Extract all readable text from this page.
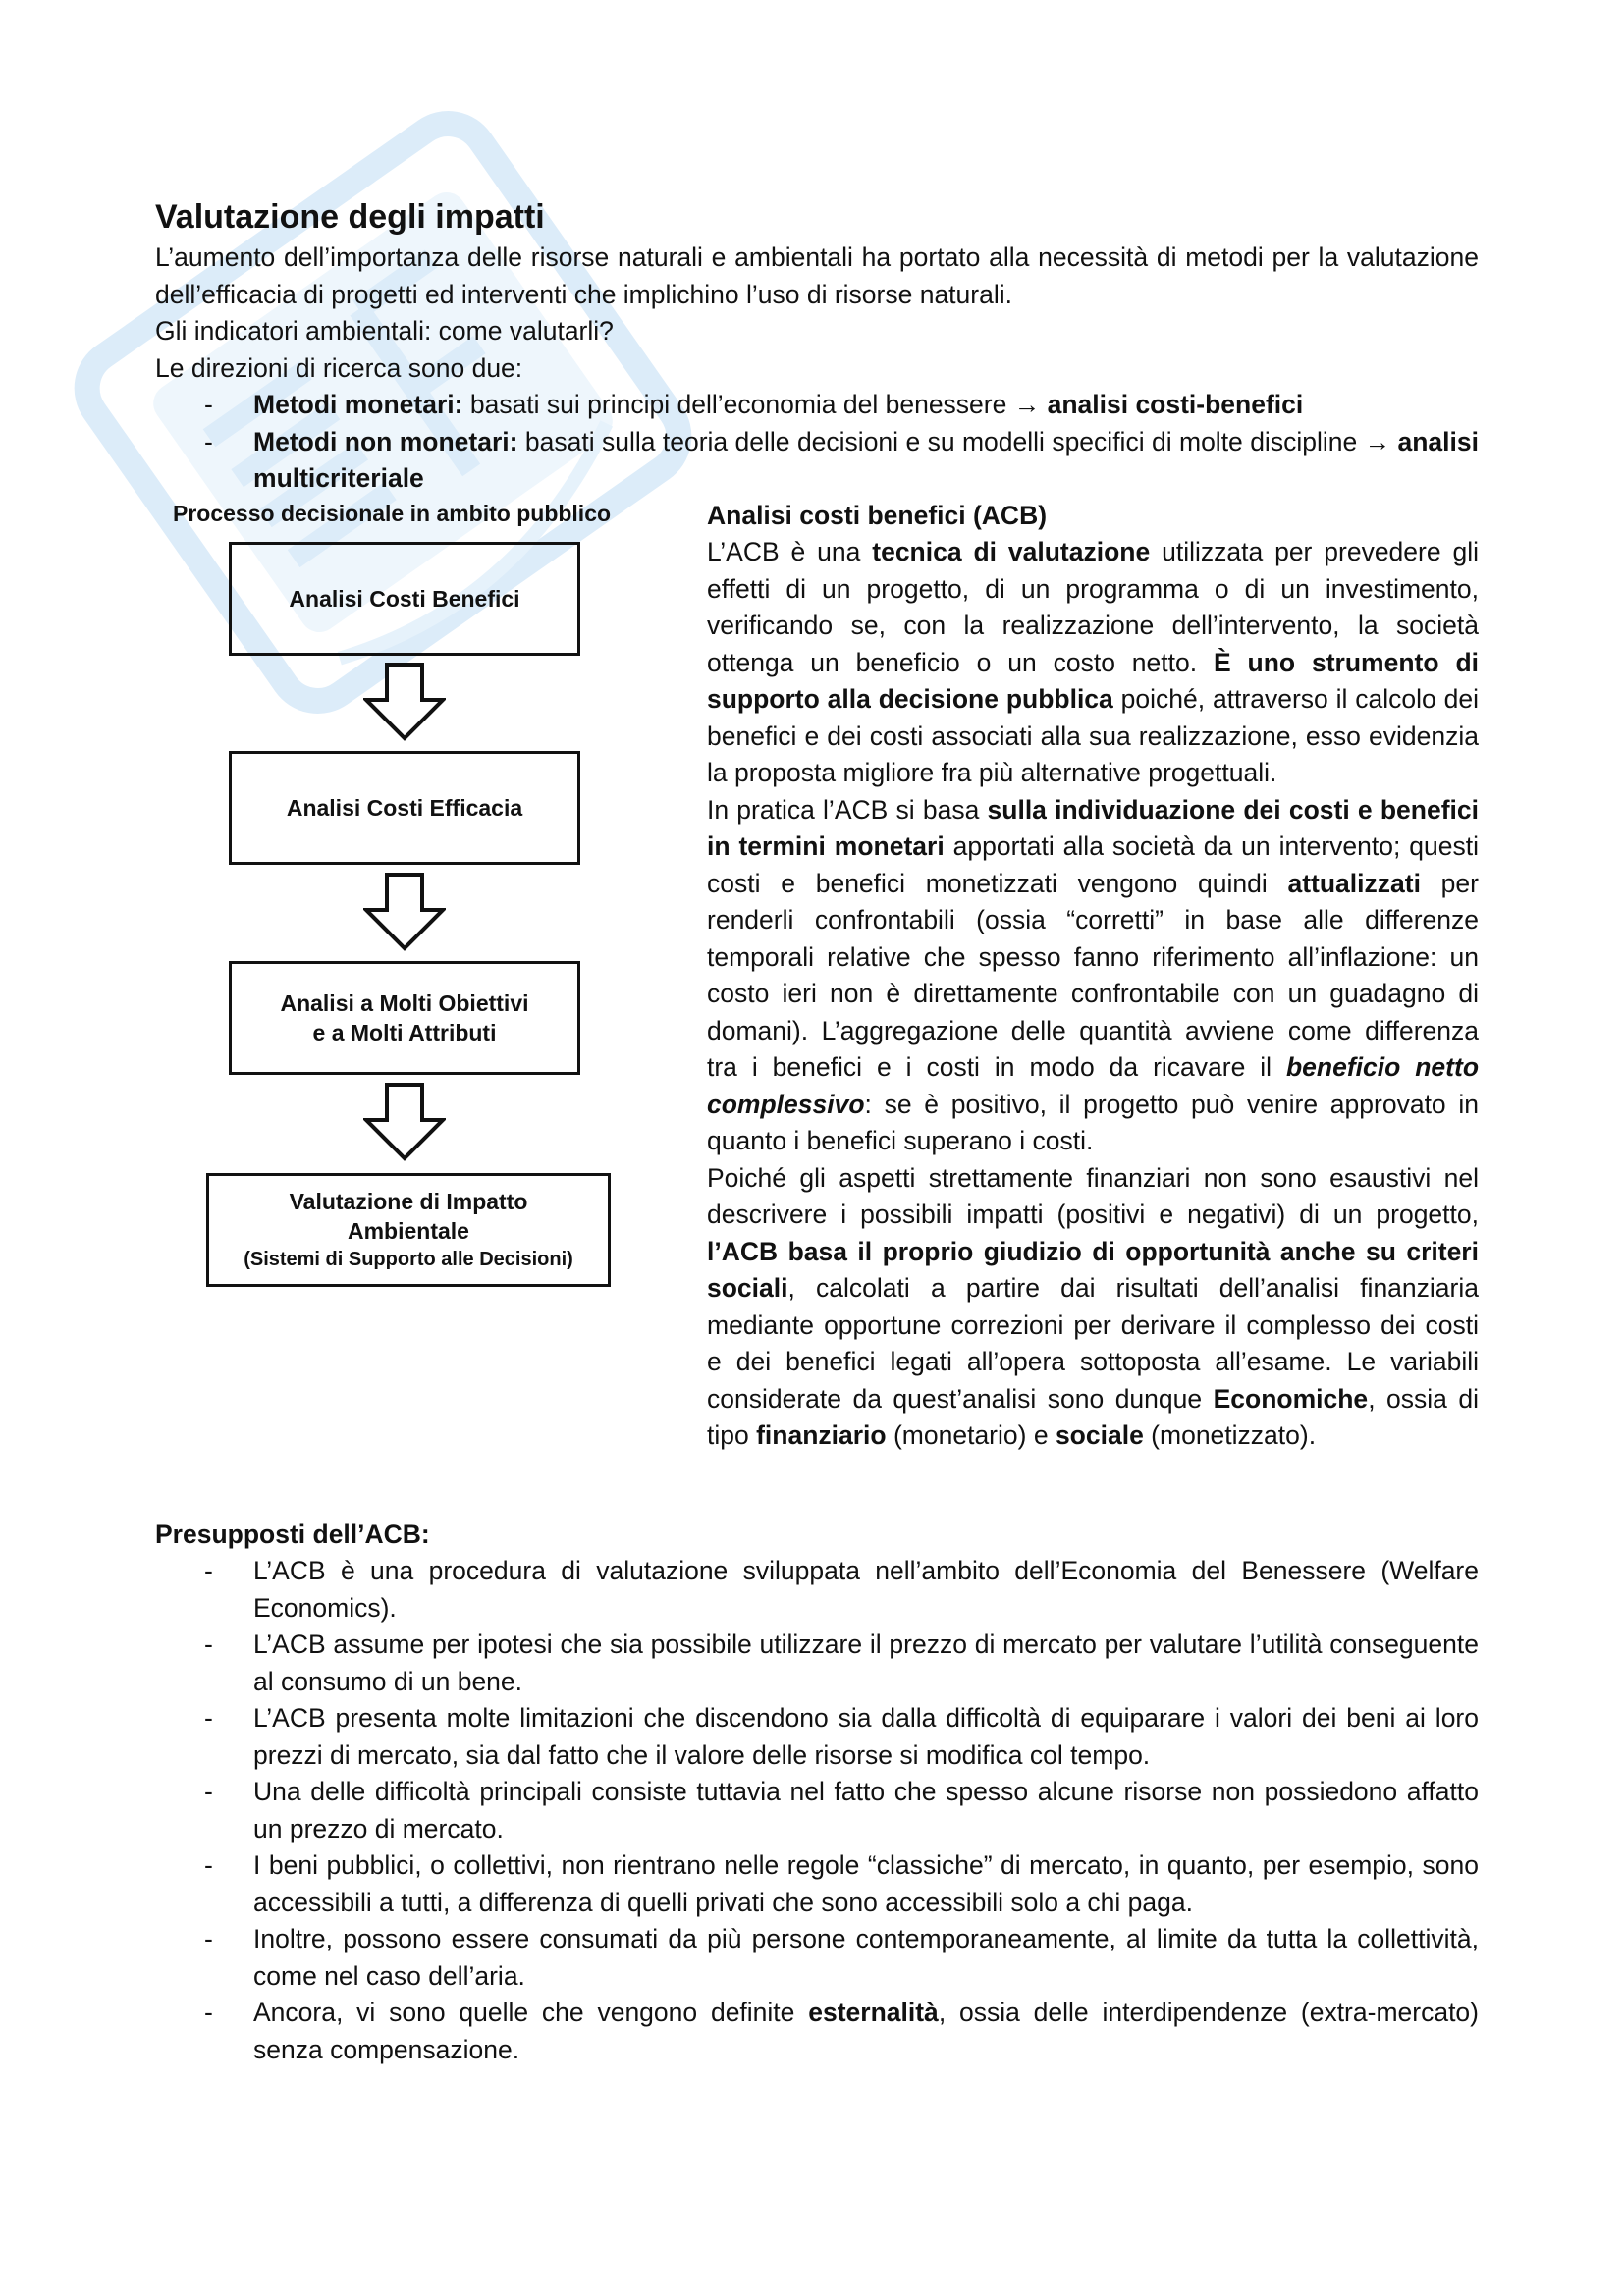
Valutazione degli impatti

L’aumento dell’importanza delle risorse naturali e ambientali ha portato alla necessità di metodi per la valutazione dell’efficacia di progetti ed interventi che implichino l’uso di risorse naturali.

Gli indicatori ambientali: come valutarli?

Le direzioni di ricerca sono due:

- Metodi monetari: basati sui principi dell’economia del benessere → analisi costi-benefici
- Metodi non monetari: basati sulla teoria delle decisioni e su modelli specifici di molte discipline → analisi multicriteriale
Processo decisionale in ambito pubblico
Analisi Costi Benefici
Analisi Costi Efficacia
Analisi a Molti Obiettivi
e a Molti Attributi
Valutazione di Impatto
Ambientale
(Sistemi di Supporto alle Decisioni)

Analisi costi benefici (ACB)

L’ACB è una tecnica di valutazione utilizzata per prevedere gli effetti di un progetto, di un programma o di un investimento, verificando se, con la realizzazione dell’intervento, la società ottenga un beneficio o un costo netto. È uno strumento di supporto alla decisione pubblica poiché, attraverso il calcolo dei benefici e dei costi associati alla sua realizzazione, esso evidenzia la proposta migliore fra più alternative progettuali.

In pratica l’ACB si basa sulla individuazione dei costi e benefici in termini monetari apportati alla società da un intervento; questi costi e benefici monetizzati vengono quindi attualizzati per renderli confrontabili (ossia “corretti” in base alle differenze temporali relative che spesso fanno riferimento all’inflazione: un costo ieri non è direttamente confrontabile con un guadagno di domani). L’aggregazione delle quantità avviene come differenza tra i benefici e i costi in modo da ricavare il beneficio netto complessivo: se è positivo, il progetto può venire approvato in quanto i benefici superano i costi.

Poiché gli aspetti strettamente finanziari non sono esaustivi nel descrivere i possibili impatti (positivi e negativi) di un progetto, l’ACB basa il proprio giudizio di opportunità anche su criteri sociali, calcolati a partire dai risultati dell’analisi finanziaria mediante opportune correzioni per derivare il complesso dei costi e dei benefici legati all’opera sottoposta all’esame. Le variabili considerate da quest’analisi sono dunque Economiche, ossia di tipo finanziario (monetario) e sociale (monetizzato).

Presupposti dell’ACB:

- L’ACB è una procedura di valutazione sviluppata nell’ambito dell’Economia del Benessere (Welfare Economics).
- L’ACB assume per ipotesi che sia possibile utilizzare il prezzo di mercato per valutare l’utilità conseguente al consumo di un bene.
- L’ACB presenta molte limitazioni che discendono sia dalla difficoltà di equiparare i valori dei beni ai loro prezzi di mercato, sia dal fatto che il valore delle risorse si modifica col tempo.
- Una delle difficoltà principali consiste tuttavia nel fatto che spesso alcune risorse non possiedono affatto un prezzo di mercato.
- I beni pubblici, o collettivi, non rientrano nelle regole “classiche” di mercato, in quanto, per esempio, sono accessibili a tutti, a differenza di quelli privati che sono accessibili solo a chi paga.
- Inoltre, possono essere consumati da più persone contemporaneamente, al limite da tutta la collettività, come nel caso dell’aria.
- Ancora, vi sono quelle che vengono definite esternalità, ossia delle interdipendenze (extra-mercato) senza compensazione.
